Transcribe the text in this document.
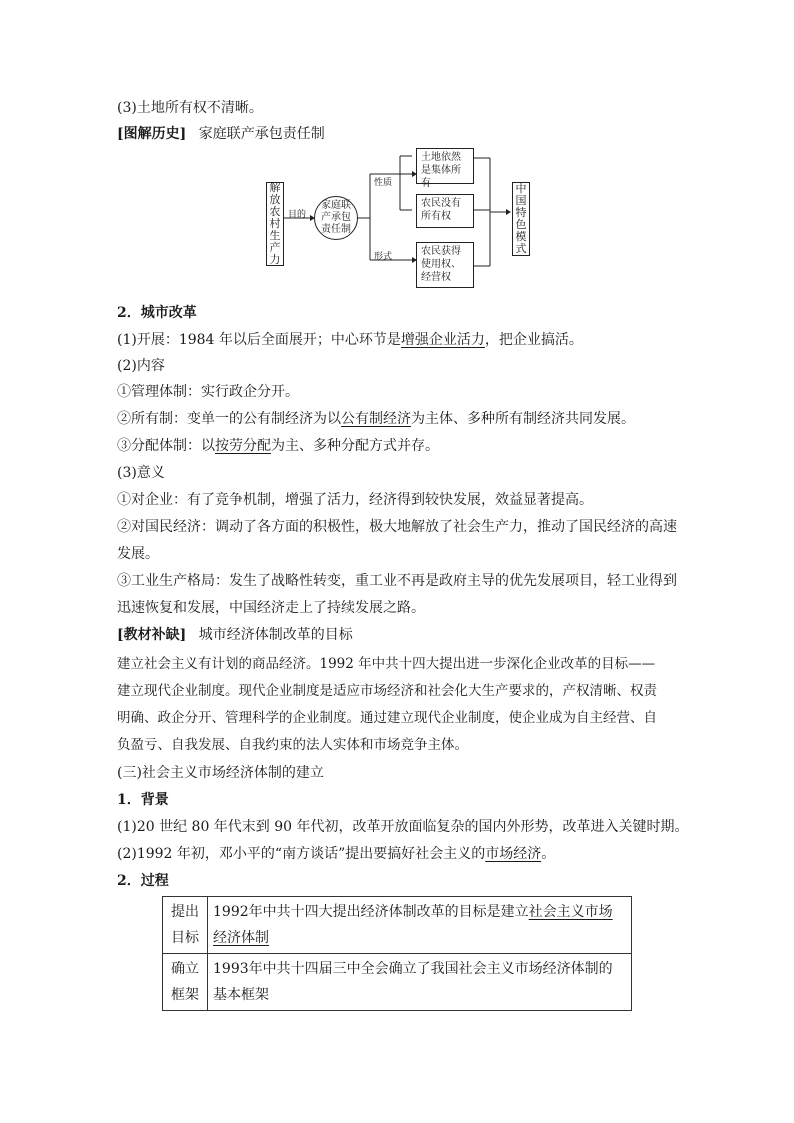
(3)土地所有权不清晰。
[图解历史] 家庭联产承包责任制
解放农村生产力
目的
家庭联产承包责任制
性质
形式
土地依然是集体所有
农民没有所有权
农民获得使用权、经营权
中国特色模式
2．城市改革
(1)开展：1984 年以后全面展开；中心环节是增强企业活力，把企业搞活。
(2)内容
①管理体制：实行政企分开。
②所有制：变单一的公有制经济为以公有制经济为主体、多种所有制经济共同发展。
③分配体制：以按劳分配为主、多种分配方式并存。
(3)意义
①对企业：有了竞争机制，增强了活力，经济得到较快发展，效益显著提高。
②对国民经济：调动了各方面的积极性，极大地解放了社会生产力，推动了国民经济的高速
发展。
③工业生产格局：发生了战略性转变，重工业不再是政府主导的优先发展项目，轻工业得到
迅速恢复和发展，中国经济走上了持续发展之路。
[教材补缺] 城市经济体制改革的目标
建立社会主义有计划的商品经济。1992 年中共十四大提出进一步深化企业改革的目标——
建立现代企业制度。现代企业制度是适应市场经济和社会化大生产要求的，产权清晰、权责
明确、政企分开、管理科学的企业制度。通过建立现代企业制度，使企业成为自主经营、自
负盈亏、自我发展、自我约束的法人实体和市场竞争主体。
(三)社会主义市场经济体制的建立
1．背景
(1)20 世纪 80 年代末到 90 年代初，改革开放面临复杂的国内外形势，改革进入关键时期。
(2)1992 年初，邓小平的“南方谈话”提出要搞好社会主义的市场经济。
2．过程
提出目标	1992年中共十四大提出经济体制改革的目标是建立社会主义市场经济体制
确立框架	1993年中共十四届三中全会确立了我国社会主义市场经济体制的基本框架
